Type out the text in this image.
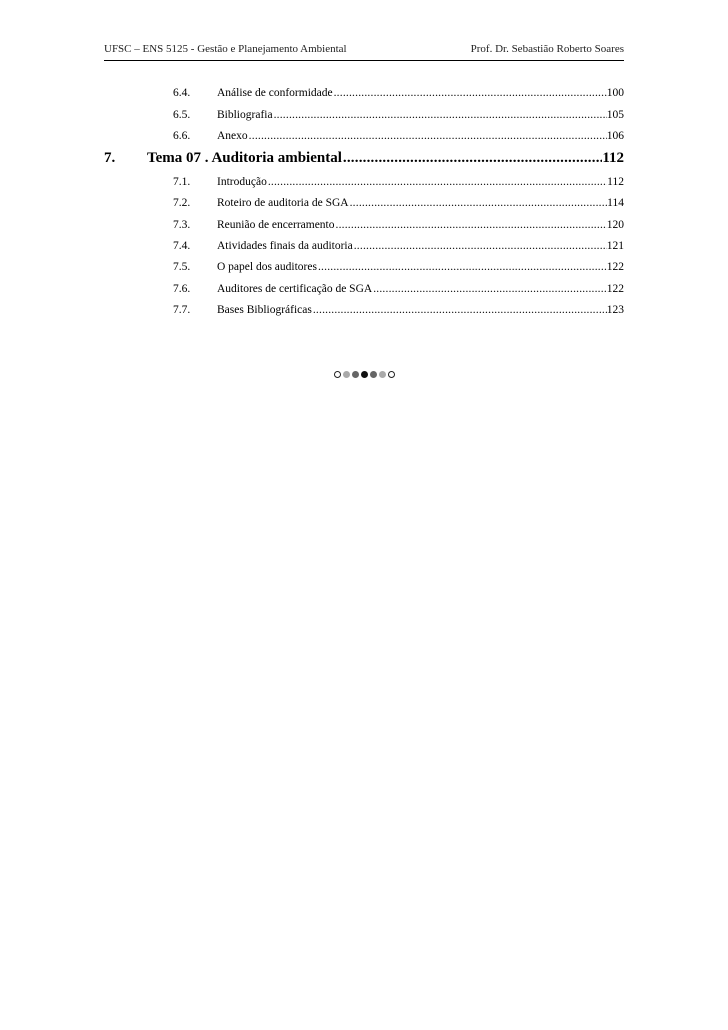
UFSC – ENS 5125 - Gestão e Planejamento Ambiental	Prof. Dr. Sebastião Roberto Soares
6.4.	Análise de conformidade .....	100
6.5.	Bibliografia .....	105
6.6.	Anexo .....	106
7.	Tema 07 . Auditoria ambiental .....	112
7.1.	Introdução .....	112
7.2.	Roteiro de auditoria de SGA .....	114
7.3.	Reunião de encerramento .....	120
7.4.	Atividades finais da auditoria .....	121
7.5.	O papel dos auditores .....	122
7.6.	Auditores de certificação de SGA .....	122
7.7.	Bases Bibliográficas .....	123
